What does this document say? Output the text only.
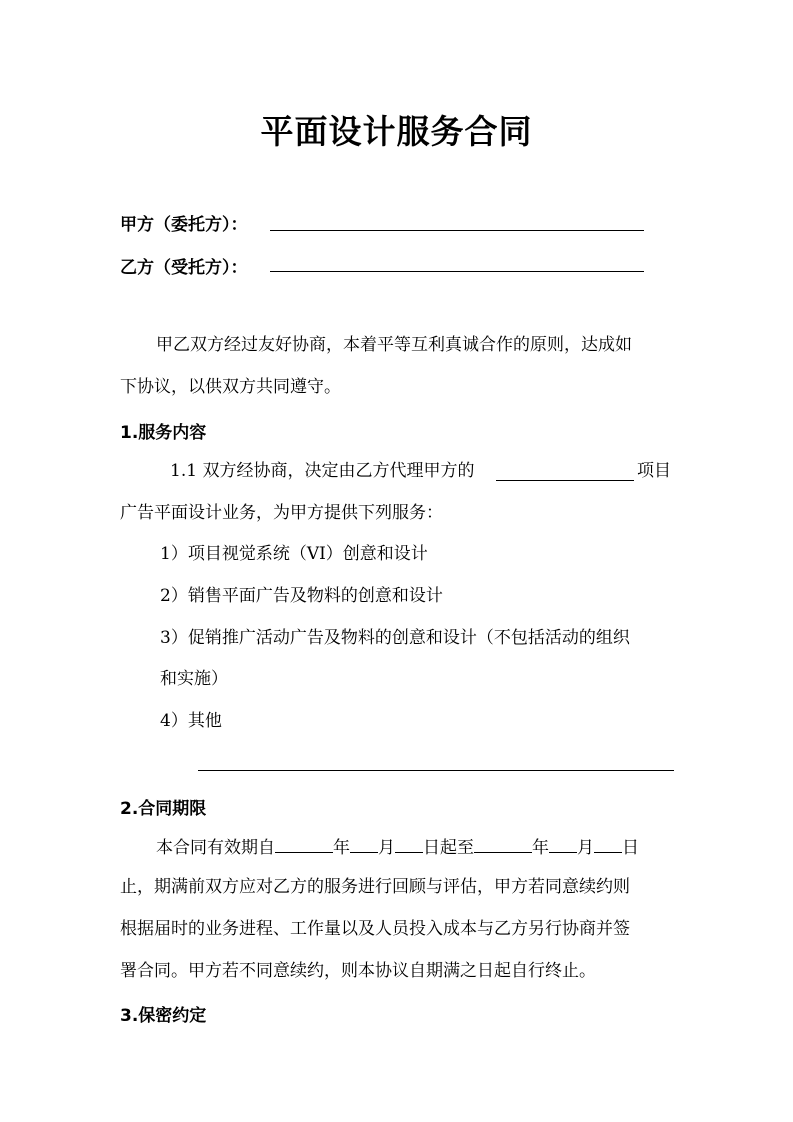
平面设计服务合同
甲方（委托方）：
乙方（受托方）：
甲乙双方经过友好协商，本着平等互利真诚合作的原则，达成如
下协议，以供双方共同遵守。
1.服务内容
1.1 双方经协商，决定由乙方代理甲方的	项目
广告平面设计业务，为甲方提供下列服务：
1）项目视觉系统（VI）创意和设计
2）销售平面广告及物料的创意和设计
3）促销推广活动广告及物料的创意和设计（不包括活动的组织
和实施）
4）其他
2.合同期限
本合同有效期自	年 月 日起至	年 月 日
止，期满前双方应对乙方的服务进行回顾与评估，甲方若同意续约则
根据届时的业务进程、工作量以及人员投入成本与乙方另行协商并签
署合同。甲方若不同意续约，则本协议自期满之日起自行终止。
3.保密约定
